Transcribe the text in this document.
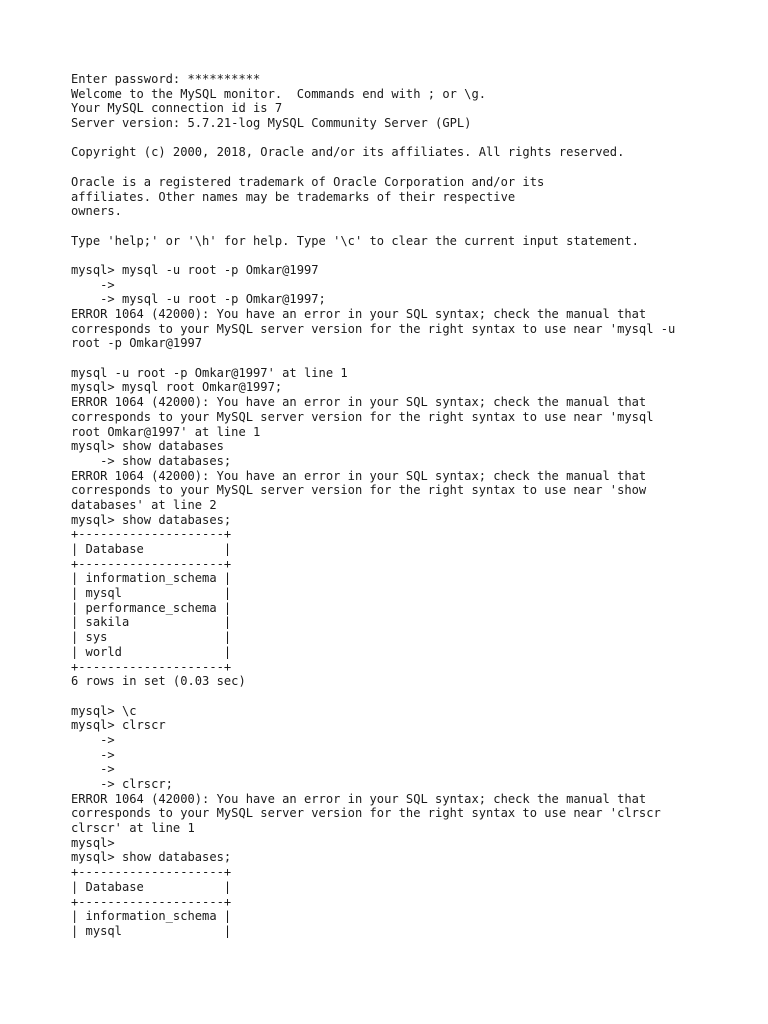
Enter password: **********
Welcome to the MySQL monitor.  Commands end with ; or \g.
Your MySQL connection id is 7
Server version: 5.7.21-log MySQL Community Server (GPL)
Copyright (c) 2000, 2018, Oracle and/or its affiliates. All rights reserved.
Oracle is a registered trademark of Oracle Corporation and/or its
affiliates. Other names may be trademarks of their respective
owners.
Type 'help;' or '\h' for help. Type '\c' to clear the current input statement.
mysql> mysql -u root -p Omkar@1997
->
-> mysql -u root -p Omkar@1997;
ERROR 1064 (42000): You have an error in your SQL syntax; check the manual that
corresponds to your MySQL server version for the right syntax to use near 'mysql -u
root -p Omkar@1997
mysql -u root -p Omkar@1997' at line 1
mysql> mysql root Omkar@1997;
ERROR 1064 (42000): You have an error in your SQL syntax; check the manual that
corresponds to your MySQL server version for the right syntax to use near 'mysql
root Omkar@1997' at line 1
mysql> show databases
-> show databases;
ERROR 1064 (42000): You have an error in your SQL syntax; check the manual that
corresponds to your MySQL server version for the right syntax to use near 'show
databases' at line 2
mysql> show databases;
+--------------------+
| Database           |
+--------------------+
| information_schema |
| mysql              |
| performance_schema |
| sakila             |
| sys                |
| world              |
+--------------------+
6 rows in set (0.03 sec)
mysql> \c
mysql> clrscr
->
->
->
-> clrscr;
ERROR 1064 (42000): You have an error in your SQL syntax; check the manual that
corresponds to your MySQL server version for the right syntax to use near 'clrscr
clrscr' at line 1
mysql>
mysql> show databases;
+--------------------+
| Database           |
+--------------------+
| information_schema |
| mysql              |
